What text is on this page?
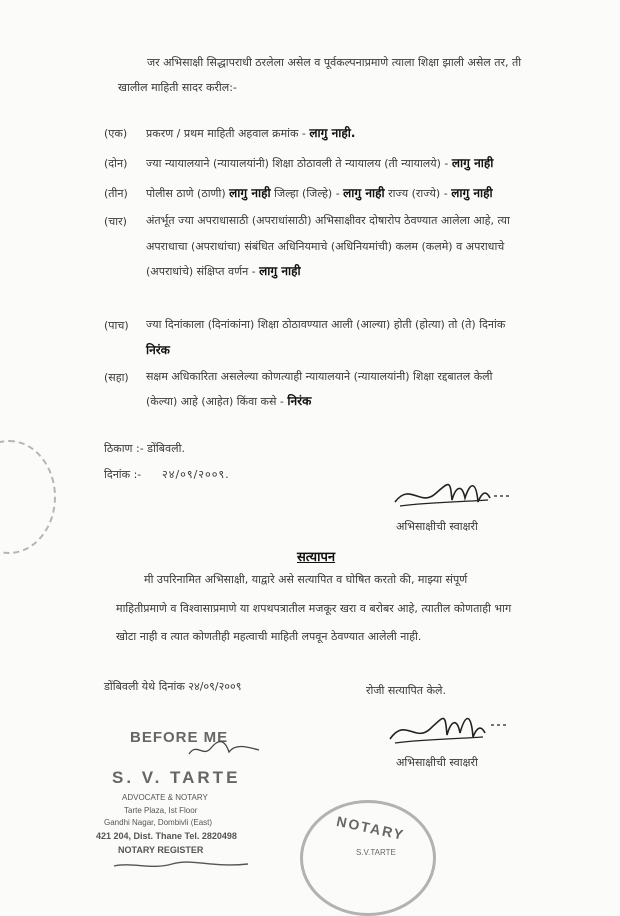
जर अभिसाक्षी सिद्धापराधी ठरलेला असेल व पूर्वकल्पनाप्रमाणे त्याला शिक्षा झाली असेल तर, ती
खालील माहिती सादर करील:-
(एक) प्रकरण / प्रथम माहिती अहवाल क्रमांक - लागु नाही.
(दोन) ज्या न्यायालयाने (न्यायालयांनी) शिक्षा ठोठावली ते न्यायालय (ती न्यायालये) - लागु नाही
(तीन) पोलीस ठाणे (ठाणी) लागु नाही जिल्हा (जिल्हे) - लागु नाही राज्य (राज्ये) - लागु नाही
(चार) अंतर्भूत ज्या अपराधासाठी (अपराधांसाठी) अभिसाक्षीवर दोषारोप ठेवण्यात आलेला आहे, त्या
अपराधाचा (अपराधांचा) संबंधित अधिनियमाचे (अधिनियमांची) कलम (कलमे) व अपराधाचे
(अपराधांचे) संक्षिप्त वर्णन - लागु नाही
(पाच) ज्या दिनांकाला (दिनांकांना) शिक्षा ठोठावण्यात आली (आल्या) होती (होत्या) तो (ते) दिनांक
निरंक
(सहा) सक्षम अधिकारिता असलेल्या कोणत्याही न्यायालयाने (न्यायालयांनी) शिक्षा रद्दबातल केली
(केल्या) आहे (आहेत) किंवा कसे - निरंक
ठिकाण :- डोंबिवली.
दिनांक :- २४/०९/२००९.
अभिसाक्षीची स्वाक्षरी
सत्यापन
मी उपरिनामित अभिसाक्षी, याद्वारे असे सत्यापित व घोषित करतो की, माझ्या संपूर्ण
माहितीप्रमाणे व विश्वासाप्रमाणे या शपथपत्रातील मजकूर खरा व बरोबर आहे, त्यातील कोणताही भाग
खोटा नाही व त्यात कोणतीही महत्वाची माहिती लपवून ठेवण्यात आलेली नाही.
डोंबिवली येथे दिनांक २४/०९/२००९	रोजी सत्यापित केले.
अभिसाक्षीची स्वाक्षरी
BEFORE ME
S. V. TARTE
ADVOCATE & NOTARY
Tarte Plaza, Ist Floor
Gandhi Nagar, Dombivli (East)
421 204, Dist. Thane Tel. 2820498
NOTARY REGISTER
NOTARY
S.V.TARTE
